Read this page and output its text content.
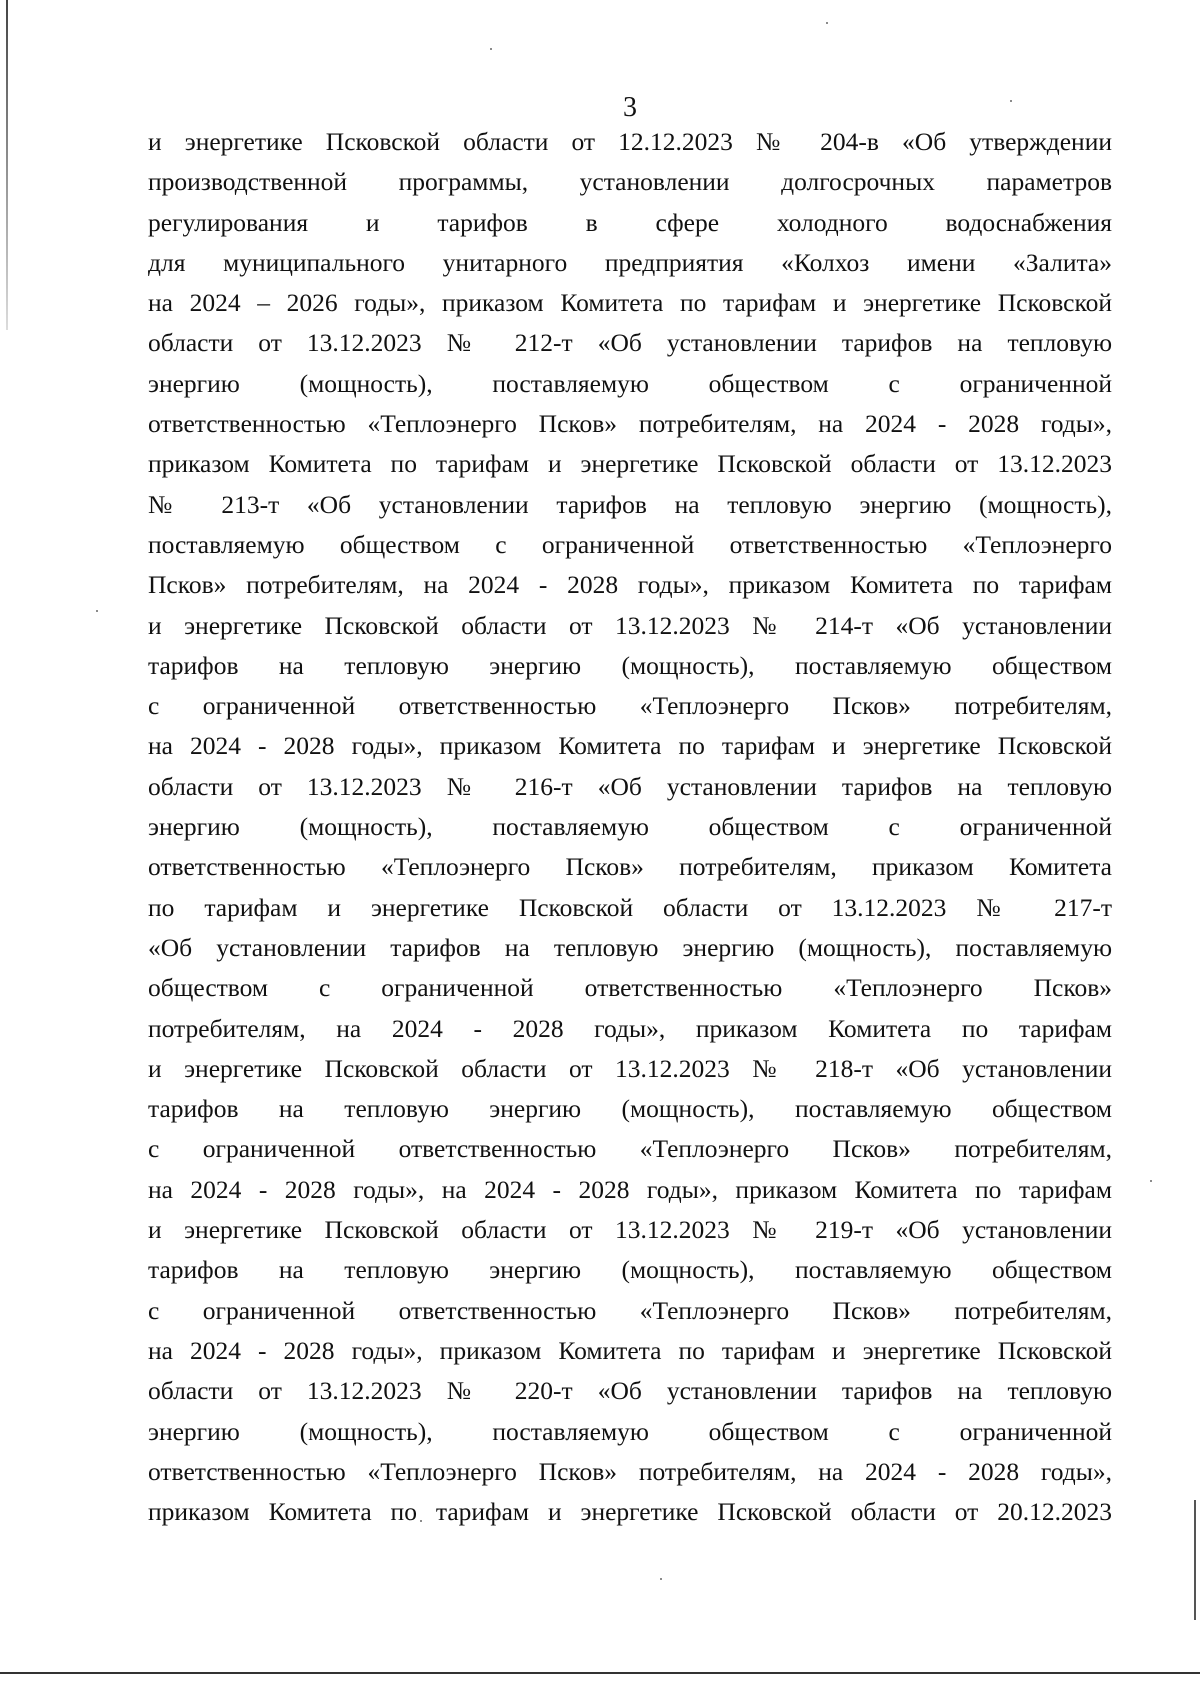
3
и энергетике Псковской области от 12.12.2023 № 204-в «Об утверждении
производственной программы, установлении долгосрочных параметров
регулирования и тарифов в сфере холодного водоснабжения
для муниципального унитарного предприятия «Колхоз имени «Залита»
на 2024 – 2026 годы», приказом Комитета по тарифам и энергетике Псковской
области от 13.12.2023 № 212-т «Об установлении тарифов на тепловую
энергию (мощность), поставляемую обществом с ограниченной
ответственностью «Теплоэнерго Псков» потребителям, на 2024 - 2028 годы»,
приказом Комитета по тарифам и энергетике Псковской области от 13.12.2023
№ 213-т «Об установлении тарифов на тепловую энергию (мощность),
поставляемую обществом с ограниченной ответственностью «Теплоэнерго
Псков» потребителям, на 2024 - 2028 годы», приказом Комитета по тарифам
и энергетике Псковской области от 13.12.2023 № 214-т «Об установлении
тарифов на тепловую энергию (мощность), поставляемую обществом
с ограниченной ответственностью «Теплоэнерго Псков» потребителям,
на 2024 - 2028 годы», приказом Комитета по тарифам и энергетике Псковской
области от 13.12.2023 № 216-т «Об установлении тарифов на тепловую
энергию (мощность), поставляемую обществом с ограниченной
ответственностью «Теплоэнерго Псков» потребителям, приказом Комитета
по тарифам и энергетике Псковской области от 13.12.2023 № 217-т
«Об установлении тарифов на тепловую энергию (мощность), поставляемую
обществом с ограниченной ответственностью «Теплоэнерго Псков»
потребителям, на 2024 - 2028 годы», приказом Комитета по тарифам
и энергетике Псковской области от 13.12.2023 № 218-т «Об установлении
тарифов на тепловую энергию (мощность), поставляемую обществом
с ограниченной ответственностью «Теплоэнерго Псков» потребителям,
на 2024 - 2028 годы», на 2024 - 2028 годы», приказом Комитета по тарифам
и энергетике Псковской области от 13.12.2023 № 219-т «Об установлении
тарифов на тепловую энергию (мощность), поставляемую обществом
с ограниченной ответственностью «Теплоэнерго Псков» потребителям,
на 2024 - 2028 годы», приказом Комитета по тарифам и энергетике Псковской
области от 13.12.2023 № 220-т «Об установлении тарифов на тепловую
энергию (мощность), поставляемую обществом с ограниченной
ответственностью «Теплоэнерго Псков» потребителям, на 2024 - 2028 годы»,
приказом Комитета по тарифам и энергетике Псковской области от 20.12.2023
